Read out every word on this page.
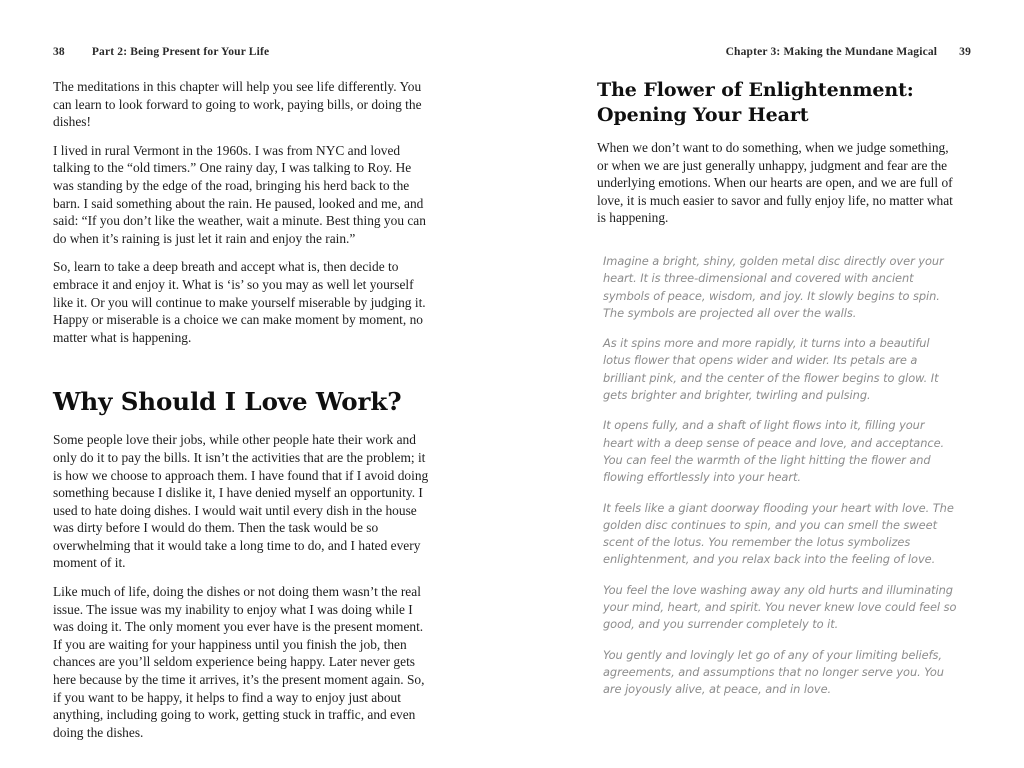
38 Part 2: Being Present for Your Life	Chapter 3: Making the Mundane Magical 39

The meditations in this chapter will help you see life differently. You can learn to look forward to going to work, paying bills, or doing the dishes!

I lived in rural Vermont in the 1960s. I was from NYC and loved talking to the “old timers.” One rainy day, I was talking to Roy. He was standing by the edge of the road, bringing his herd back to the barn. I said something about the rain. He paused, looked and me, and said: “If you don’t like the weather, wait a minute. Best thing you can do when it’s raining is just let it rain and enjoy the rain.”

So, learn to take a deep breath and accept what is, then decide to embrace it and enjoy it. What is ‘is’ so you may as well let yourself like it. Or you will continue to make yourself miserable by judging it. Happy or miserable is a choice we can make moment by moment, no matter what is happening.

Why Should I Love Work?

Some people love their jobs, while other people hate their work and only do it to pay the bills. It isn’t the activities that are the problem; it is how we choose to approach them. I have found that if I avoid doing something because I dislike it, I have denied myself an opportunity. I used to hate doing dishes. I would wait until every dish in the house was dirty before I would do them. Then the task would be so overwhelming that it would take a long time to do, and I hated every moment of it.

Like much of life, doing the dishes or not doing them wasn’t the real issue. The issue was my inability to enjoy what I was doing while I was doing it. The only moment you ever have is the present moment. If you are waiting for your happiness until you finish the job, then chances are you’ll seldom experience being happy. Later never gets here because by the time it arrives, it’s the present moment again. So, if you want to be happy, it helps to find a way to enjoy just about anything, including going to work, getting stuck in traffic, and even doing the dishes.

The Flower of Enlightenment:
Opening Your Heart

When we don’t want to do something, when we judge something, or when we are just generally unhappy, judgment and fear are the underlying emotions. When our hearts are open, and we are full of love, it is much easier to savor and fully enjoy life, no matter what is happening.

Imagine a bright, shiny, golden metal disc directly over your heart. It is three-dimensional and covered with ancient symbols of peace, wisdom, and joy. It slowly begins to spin. The symbols are projected all over the walls.

As it spins more and more rapidly, it turns into a beautiful lotus flower that opens wider and wider. Its petals are a brilliant pink, and the center of the flower begins to glow. It gets brighter and brighter, twirling and pulsing.

It opens fully, and a shaft of light flows into it, filling your heart with a deep sense of peace and love, and acceptance. You can feel the warmth of the light hitting the flower and flowing effortlessly into your heart.

It feels like a giant doorway flooding your heart with love. The golden disc continues to spin, and you can smell the sweet scent of the lotus. You remember the lotus symbolizes enlightenment, and you relax back into the feeling of love.

You feel the love washing away any old hurts and illuminating your mind, heart, and spirit. You never knew love could feel so good, and you surrender completely to it.

You gently and lovingly let go of any of your limiting beliefs, agreements, and assumptions that no longer serve you. You are joyously alive, at peace, and in love.
